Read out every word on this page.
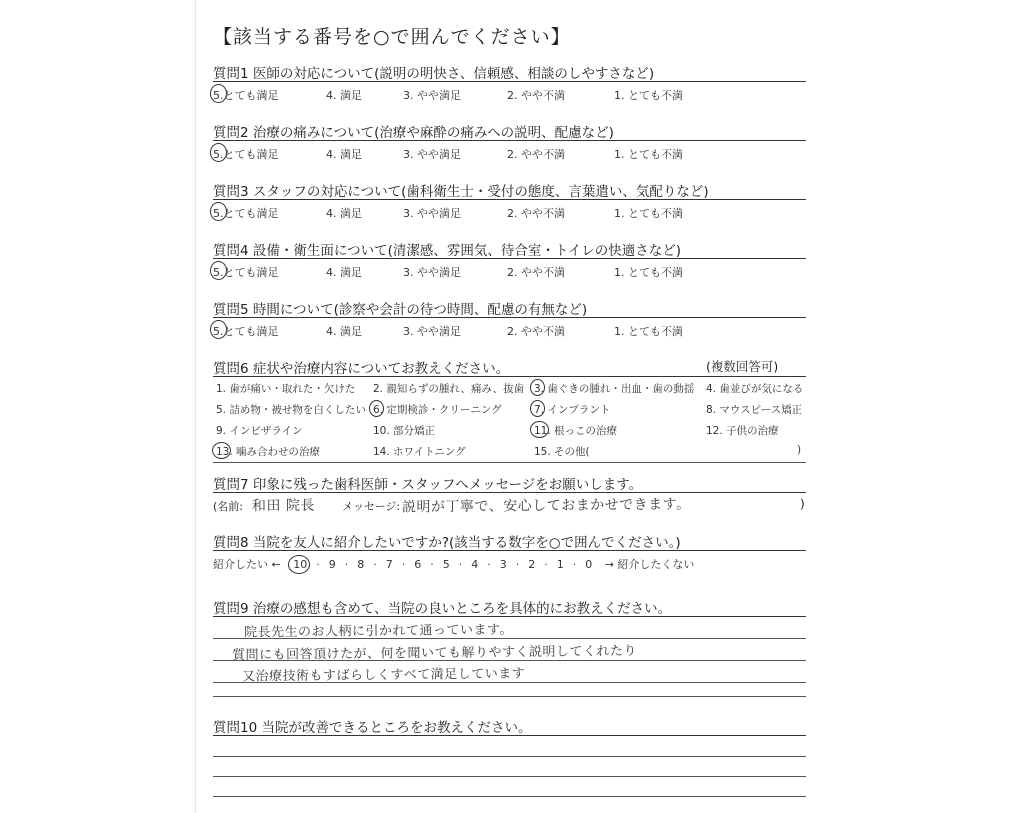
【該当する番号を○で囲んでください】
質問1 医師の対応について(説明の明快さ、信頼感、相談のしやすさなど)
5.とても満足	4. 満足	3. やや満足	2. やや不満	1. とても不満
質問2 治療の痛みについて(治療や麻酔の痛みへの説明、配慮など)
5.とても満足	4. 満足	3. やや満足	2. やや不満	1. とても不満
質問3 スタッフの対応について(歯科衛生士・受付の態度、言葉遣い、気配りなど)
5.とても満足	4. 満足	3. やや満足	2. やや不満	1. とても不満
質問4 設備・衛生面について(清潔感、雰囲気、待合室・トイレの快適さなど)
5.とても満足	4. 満足	3. やや満足	2. やや不満	1. とても不満
質問5 時間について(診察や会計の待つ時間、配慮の有無など)
5.とても満足	4. 満足	3. やや満足	2. やや不満	1. とても不満
質問6 症状や治療内容についてお教えください。	(複数回答可)
1. 歯が痛い・取れた・欠けた 2. 親知らずの腫れ、痛み、抜歯 3. 歯ぐきの腫れ・出血・歯の動揺 4. 歯並びが気になる
5. 詰め物・被せ物を白くしたい 6. 定期検診・クリーニング	7. インプラント	8. マウスピース矯正
9. インビザライン	10. 部分矯正	11. 根っこの治療	12. 子供の治療
13. 噛み合わせの治療	14. ホワイトニング	15. その他(	)
質問7 印象に残った歯科医師・スタッフへメッセージをお願いします。
(名前: 和田 院長 メッセージ: 説明が丁寧で、安心しておまかせできます。	)
質問8 当院を友人に紹介したいですか?(該当する数字を○で囲んでください。)
紹介したい ← 10 · 9 · 8 · 7 · 6 · 5 · 4 · 3 · 2 · 1 · 0 → 紹介したくない
質問9 治療の感想も含めて、当院の良いところを具体的にお教えください。
院長先生のお人柄に引かれて通っています。
質問にも回答頂けたが、何を聞いても解りやすく説明してくれたり
又治療技術もすばらしくすべて満足しています
質問10 当院が改善できるところをお教えください。
